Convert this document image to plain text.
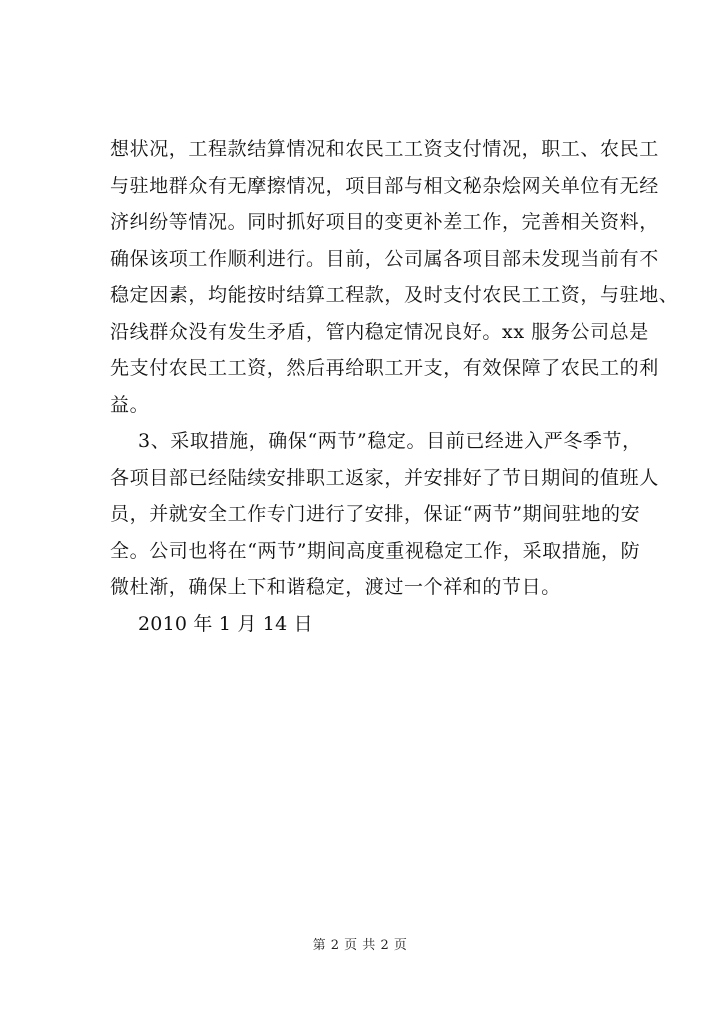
想状况，工程款结算情况和农民工工资支付情况，职工、农民工
与驻地群众有无摩擦情况，项目部与相文秘杂烩网关单位有无经
济纠纷等情况。同时抓好项目的变更补差工作，完善相关资料，
确保该项工作顺利进行。目前，公司属各项目部未发现当前有不
稳定因素，均能按时结算工程款，及时支付农民工工资，与驻地、
沿线群众没有发生矛盾，管内稳定情况良好。xx 服务公司总是
先支付农民工工资，然后再给职工开支，有效保障了农民工的利
益。
3、采取措施，确保“两节”稳定。目前已经进入严冬季节，
各项目部已经陆续安排职工返家，并安排好了节日期间的值班人
员，并就安全工作专门进行了安排，保证“两节”期间驻地的安
全。公司也将在“两节”期间高度重视稳定工作，采取措施，防
微杜渐，确保上下和谐稳定，渡过一个祥和的节日。
2010 年 1 月 14 日
第 2 页 共 2 页
